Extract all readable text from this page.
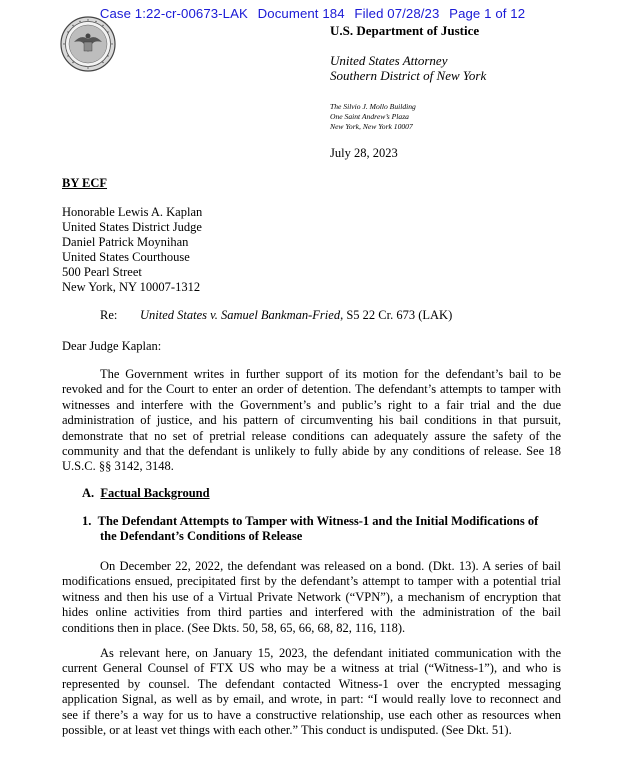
Case 1:22-cr-00673-LAK Document 184 Filed 07/28/23 Page 1 of 12
U.S. Department of Justice
United States Attorney
Southern District of New York
The Silvio J. Mollo Building
One Saint Andrew’s Plaza
New York, New York 10007
July 28, 2023
BY ECF
Honorable Lewis A. Kaplan
United States District Judge
Daniel Patrick Moynihan
United States Courthouse
500 Pearl Street
New York, NY 10007-1312
Re: United States v. Samuel Bankman-Fried, S5 22 Cr. 673 (LAK)
Dear Judge Kaplan:
The Government writes in further support of its motion for the defendant’s bail to be
revoked and for the Court to enter an order of detention. The defendant’s attempts to tamper with
witnesses and interfere with the Government’s and public’s right to a fair trial and the due
administration of justice, and his pattern of circumventing his bail conditions in that pursuit,
demonstrate that no set of pretrial release conditions can adequately assure the safety of the
community and that the defendant is unlikely to fully abide by any conditions of release. See 18
U.S.C. §§ 3142, 3148.
A. Factual Background
1. The Defendant Attempts to Tamper with Witness-1 and the Initial Modifications of
the Defendant’s Conditions of Release
On December 22, 2022, the defendant was released on a bond. (Dkt. 13). A series of bail
modifications ensued, precipitated first by the defendant’s attempt to tamper with a potential trial
witness and then his use of a Virtual Private Network (“VPN”), a mechanism of encryption that
hides online activities from third parties and interfered with the administration of the bail
conditions then in place. (See Dkts. 50, 58, 65, 66, 68, 82, 116, 118).
As relevant here, on January 15, 2023, the defendant initiated communication with the
current General Counsel of FTX US who may be a witness at trial (“Witness-1”), and who is
represented by counsel. The defendant contacted Witness-1 over the encrypted messaging
application Signal, as well as by email, and wrote, in part: “I would really love to reconnect and
see if there’s a way for us to have a constructive relationship, use each other as resources when
possible, or at least vet things with each other.” This conduct is undisputed. (See Dkt. 51).
